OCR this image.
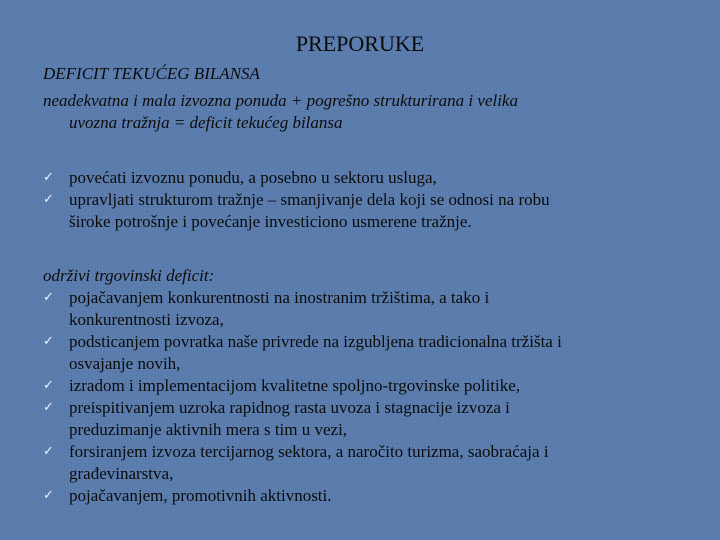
PREPORUKE
DEFICIT TEKUĆEG BILANSA
neadekvatna i mala izvozna ponuda + pogrešno strukturirana i velika
uvozna tražnja = deficit tekućeg bilansa
✓ povećati izvoznu ponudu, a posebno u sektoru usluga,
✓ upravljati strukturom tražnje – smanjivanje dela koji se odnosi na robu
široke potrošnje i povećanje investiciono usmerene tražnje.
održivi trgovinski deficit:
✓ pojačavanjem konkurentnosti na inostranim tržištima, a tako i
konkurentnosti izvoza,
✓ podsticanjem povratka naše privrede na izgubljena tradicionalna tržišta i
osvajanje novih,
✓ izradom i implementacijom kvalitetne spoljno-trgovinske politike,
✓ preispitivanjem uzroka rapidnog rasta uvoza i stagnacije izvoza i
preduzimanje aktivnih mera s tim u vezi,
✓ forsiranjem izvoza tercijarnog sektora, a naročito turizma, saobraćaja i
građevinarstva,
✓ pojačavanjem, promotivnih aktivnosti.
